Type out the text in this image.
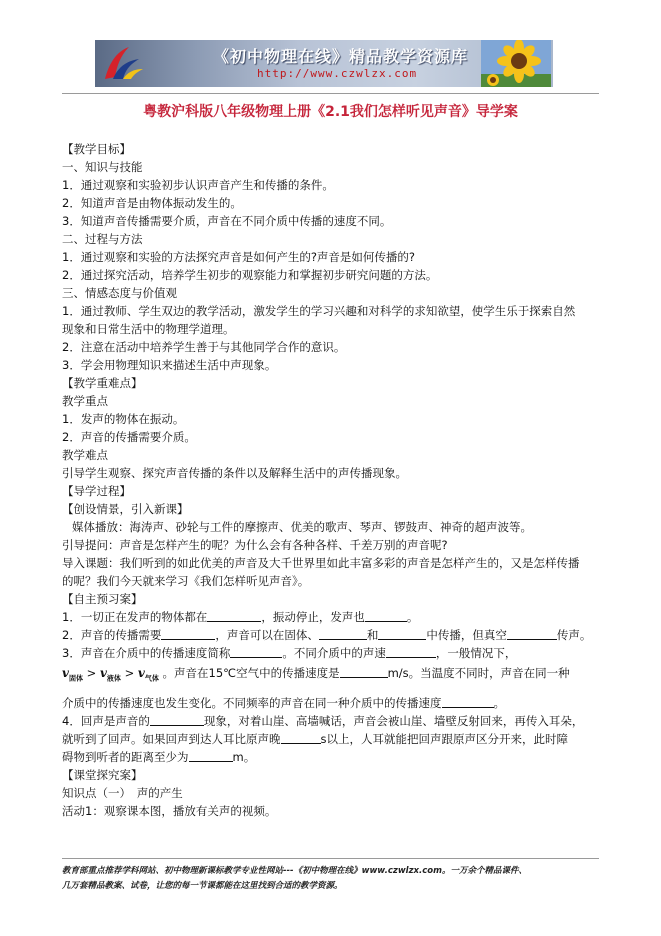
《初中物理在线》精品教学资源库
http://www.czwlzx.com
粤教沪科版八年级物理上册《2.1我们怎样听见声音》导学案

【教学目标】

一、知识与技能

1．通过观察和实验初步认识声音产生和传播的条件。

2．知道声音是由物体振动发生的。

3．知道声音传播需要介质，声音在不同介质中传播的速度不同。

二、过程与方法

1．通过观察和实验的方法探究声音是如何产生的?声音是如何传播的?

2．通过探究活动，培养学生初步的观察能力和掌握初步研究问题的方法。

三、情感态度与价值观

1．通过教师、学生双边的教学活动，激发学生的学习兴趣和对科学的求知欲望，使学生乐于探索自然

现象和日常生活中的物理学道理。

2．注意在活动中培养学生善于与其他同学合作的意识。

3．学会用物理知识来描述生活中声现象。

【教学重难点】

教学重点

1．发声的物体在振动。

2．声音的传播需要介质。

教学难点

引导学生观察、探究声音传播的条件以及解释生活中的声传播现象。

【导学过程】

【创设情景，引入新课】

媒体播放：海涛声、砂轮与工件的摩擦声、优美的歌声、琴声、锣鼓声、神奇的超声波等。

引导提问：声音是怎样产生的呢？为什么会有各种各样、千差万别的声音呢?

导入课题：我们听到的如此优美的声音及大千世界里如此丰富多彩的声音是怎样产生的，又是怎样传播

的呢？我们今天就来学习《我们怎样听见声音》。

【自主预习案】

1．一切正在发声的物体都在	，振动停止，发声也	。

2．声音的传播需要	，声音可以在固体、	和	中传播，但真空	传声。

3．声音在介质中的传播速度简称	。不同介质中的声速	，一般情况下，

$v_{固体} > v_{液体} > v_{气体}$ 。声音在15℃空气中的传播速度是	m/s。当温度不同时，声音在同一种

介质中的传播速度也发生变化。不同频率的声音在同一种介质中的传播速度	。

4．回声是声音的	现象，对着山崖、高墙喊话，声音会被山崖、墙壁反射回来，再传入耳朵，

就听到了回声。如果回声到达人耳比原声晚	s以上，人耳就能把回声跟原声区分开来，此时障

碍物到听者的距离至少为	m。

【课堂探究案】

知识点（一）　声的产生

活动1：观察课本图，播放有关声的视频。

教育部重点推荐学科网站、初中物理新课标教学专业性网站---《初中物理在线》www.czwlzx.com。一万余个精品课件、
几万套精品教案、试卷，让您的每一节课都能在这里找到合适的教学资源。
